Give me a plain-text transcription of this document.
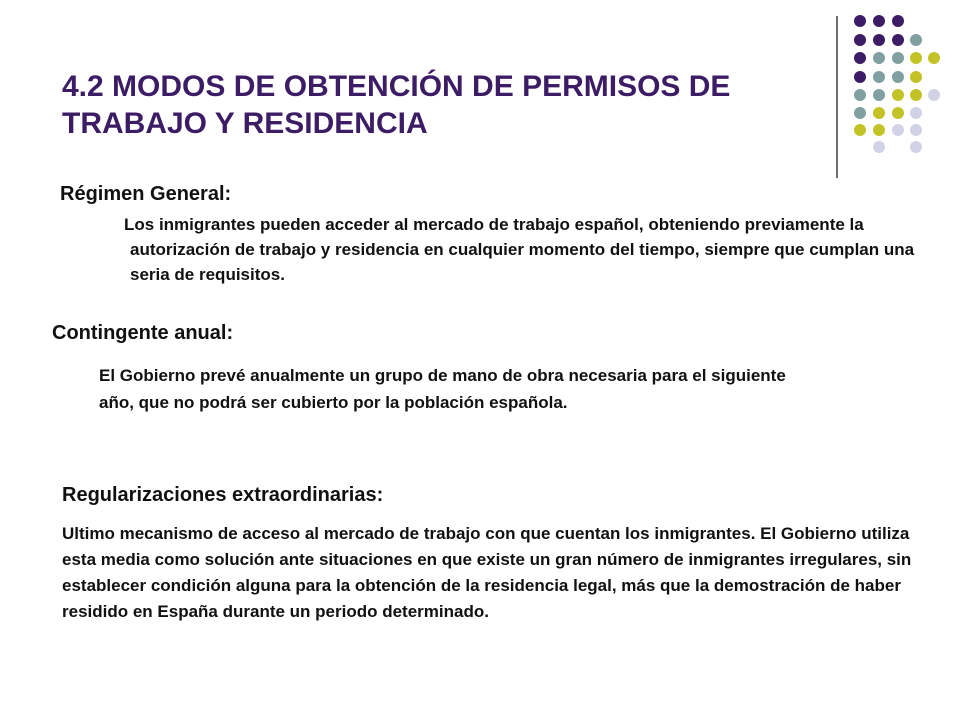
4.2 MODOS DE OBTENCIÓN DE PERMISOS DE TRABAJO Y RESIDENCIA
Régimen General:
Los inmigrantes pueden acceder al mercado de trabajo español, obteniendo previamente la autorización de trabajo y residencia en cualquier momento del tiempo, siempre que cumplan una seria de requisitos.
Contingente anual:
El Gobierno prevé anualmente un grupo de mano de obra necesaria para el siguiente año, que no podrá ser cubierto por la población española.
Regularizaciones extraordinarias:
Ultimo mecanismo de acceso al mercado de trabajo con que cuentan los inmigrantes. El Gobierno utiliza esta media como solución ante situaciones en que existe un gran número de inmigrantes irregulares, sin establecer condición alguna para la obtención de la residencia legal, más que la demostración de haber residido en España durante un periodo determinado.
